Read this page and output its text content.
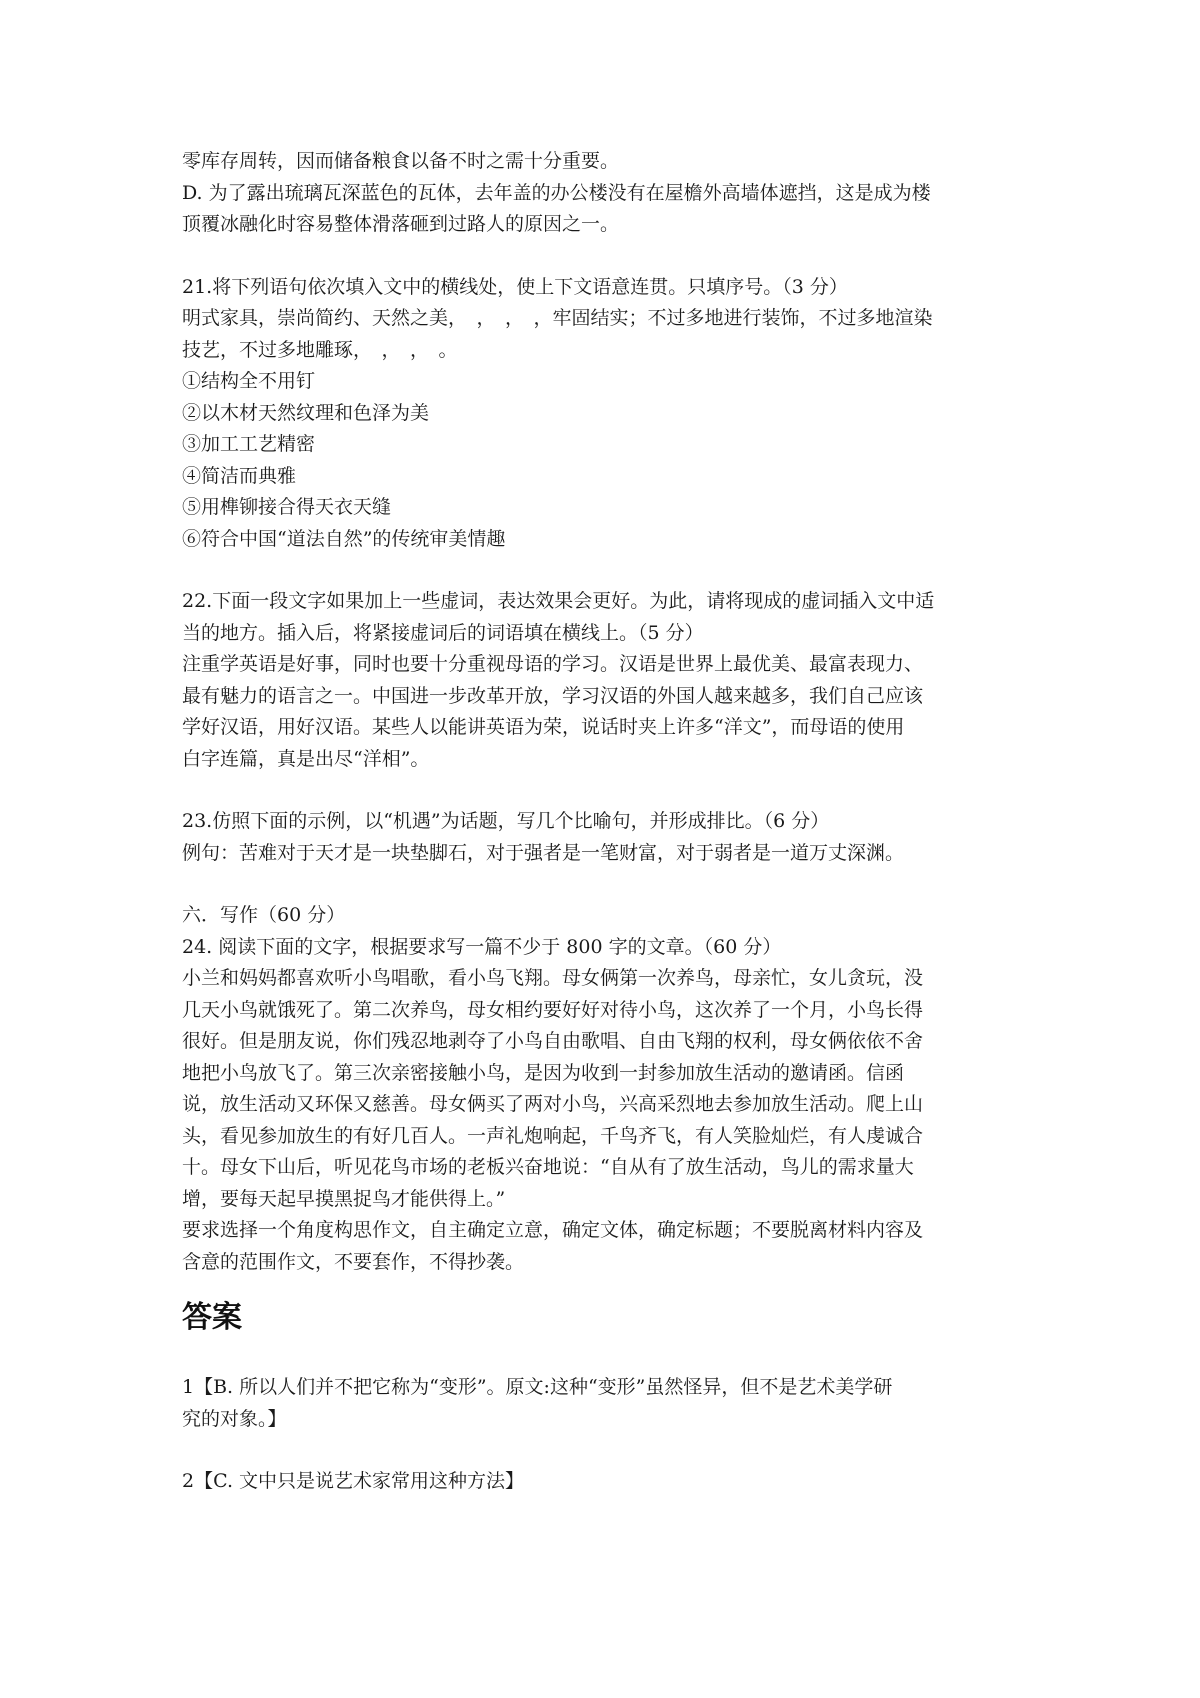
零库存周转，因而储备粮食以备不时之需十分重要。
D. 为了露出琉璃瓦深蓝色的瓦体，去年盖的办公楼没有在屋檐外高墙体遮挡，这是成为楼
顶覆冰融化时容易整体滑落砸到过路人的原因之一。
21.将下列语句依次填入文中的横线处，使上下文语意连贯。只填序号。（3 分）
明式家具，崇尚简约、天然之美，　，　，　，牢固结实；不过多地进行装饰，不过多地渲染
技艺，不过多地雕琢，　，　，　。
①结构全不用钉
②以木材天然纹理和色泽为美
③加工工艺精密
④简洁而典雅
⑤用榫铆接合得天衣天缝
⑥符合中国“道法自然”的传统审美情趣
22.下面一段文字如果加上一些虚词，表达效果会更好。为此，请将现成的虚词插入文中适
当的地方。插入后，将紧接虚词后的词语填在横线上。（5 分）
注重学英语是好事，同时也要十分重视母语的学习。汉语是世界上最优美、最富表现力、
最有魅力的语言之一。中国进一步改革开放，学习汉语的外国人越来越多，我们自己应该
学好汉语，用好汉语。某些人以能讲英语为荣，说话时夹上许多“洋文”，而母语的使用
白字连篇，真是出尽“洋相”。
23.仿照下面的示例，以“机遇”为话题，写几个比喻句，并形成排比。（6 分）
例句：苦难对于天才是一块垫脚石，对于强者是一笔财富，对于弱者是一道万丈深渊。
六．写作（60 分）
24. 阅读下面的文字，根据要求写一篇不少于 800 字的文章。（60 分）
小兰和妈妈都喜欢听小鸟唱歌，看小鸟飞翔。母女俩第一次养鸟，母亲忙，女儿贪玩，没
几天小鸟就饿死了。第二次养鸟，母女相约要好好对待小鸟，这次养了一个月，小鸟长得
很好。但是朋友说，你们残忍地剥夺了小鸟自由歌唱、自由飞翔的权利，母女俩依依不舍
地把小鸟放飞了。第三次亲密接触小鸟，是因为收到一封参加放生活动的邀请函。信函
说，放生活动又环保又慈善。母女俩买了两对小鸟，兴高采烈地去参加放生活动。爬上山
头，看见参加放生的有好几百人。一声礼炮响起，千鸟齐飞，有人笑脸灿烂，有人虔诚合
十。母女下山后，听见花鸟市场的老板兴奋地说：“自从有了放生活动，鸟儿的需求量大
增，要每天起早摸黑捉鸟才能供得上。”
要求选择一个角度构思作文，自主确定立意，确定文体，确定标题；不要脱离材料内容及
含意的范围作文，不要套作，不得抄袭。
答案
1【B. 所以人们并不把它称为“变形”。原文:这种“变形”虽然怪异，但不是艺术美学研
究的对象。】
2【C. 文中只是说艺术家常用这种方法】
